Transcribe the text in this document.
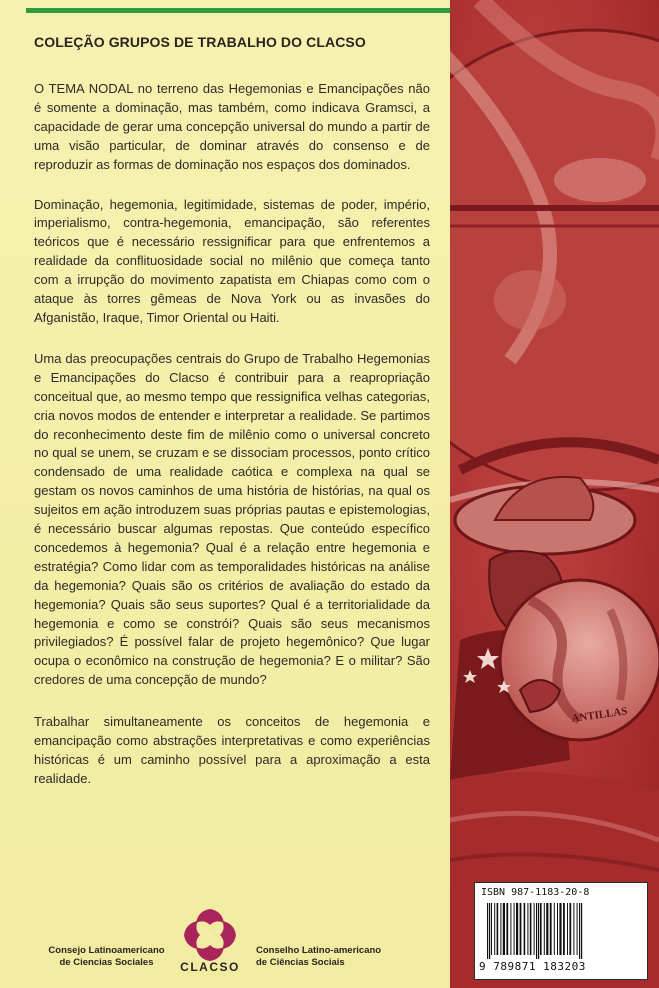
COLEÇÃO GRUPOS DE TRABALHO DO CLACSO

O TEMA NODAL no terreno das Hegemonias e Emancipações não é somente a dominação, mas também, como indicava Gramsci, a capacidade de gerar uma concepção universal do mundo a partir de uma visão particular, de dominar através do consenso e de reproduzir as formas de dominação nos espaços dos dominados.

Dominação, hegemonia, legitimidade, sistemas de poder, império, imperialismo, contra-hegemonia, emancipação, são referentes teóricos que é necessário ressignificar para que enfrentemos a realidade da conflituosidade social no milênio que começa tanto com a irrupção do movimento zapatista em Chiapas como com o ataque às torres gêmeas de Nova York ou as invasões do Afganistão, Iraque, Timor Oriental ou Haiti.

Uma das preocupações centrais do Grupo de Trabalho Hegemonias e Emancipações do Clacso é contribuir para a reapropriação conceitual que, ao mesmo tempo que ressignifica velhas categorias, cria novos modos de entender e interpretar a realidade. Se partimos do reconhecimento deste fim de milênio como o universal concreto no qual se unem, se cruzam e se dissociam processos, ponto crítico condensado de uma realidade caótica e complexa na qual se gestam os novos caminhos de uma história de histórias, na qual os sujeitos em ação introduzem suas próprias pautas e epistemologias, é necessário buscar algumas repostas. Que conteúdo específico concedemos à hegemonia? Qual é a relação entre hegemonia e estratégia? Como lidar com as temporalidades históricas na análise da hegemonia? Quais são os critérios de avaliação do estado da hegemonia? Quais são seus suportes? Qual é a territorialidade da hegemonia e como se constrói? Quais são seus mecanismos privilegiados? É possível falar de projeto hegemônico? Que lugar ocupa o econômico na construção de hegemonia? E o militar? São credores de uma concepção de mundo?

Trabalhar simultaneamente os conceitos de hegemonia e emancipação como abstrações interpretativas e como experiências históricas é um caminho possível para a aproximação a esta realidade.

ANTILLAS
Consejo Latinoamericano
de Ciencias Sociales	CLACSO
Conselho Latino-americano
de Ciências Sociais
ISBN 987-1183-20-8
9 789871 183203
